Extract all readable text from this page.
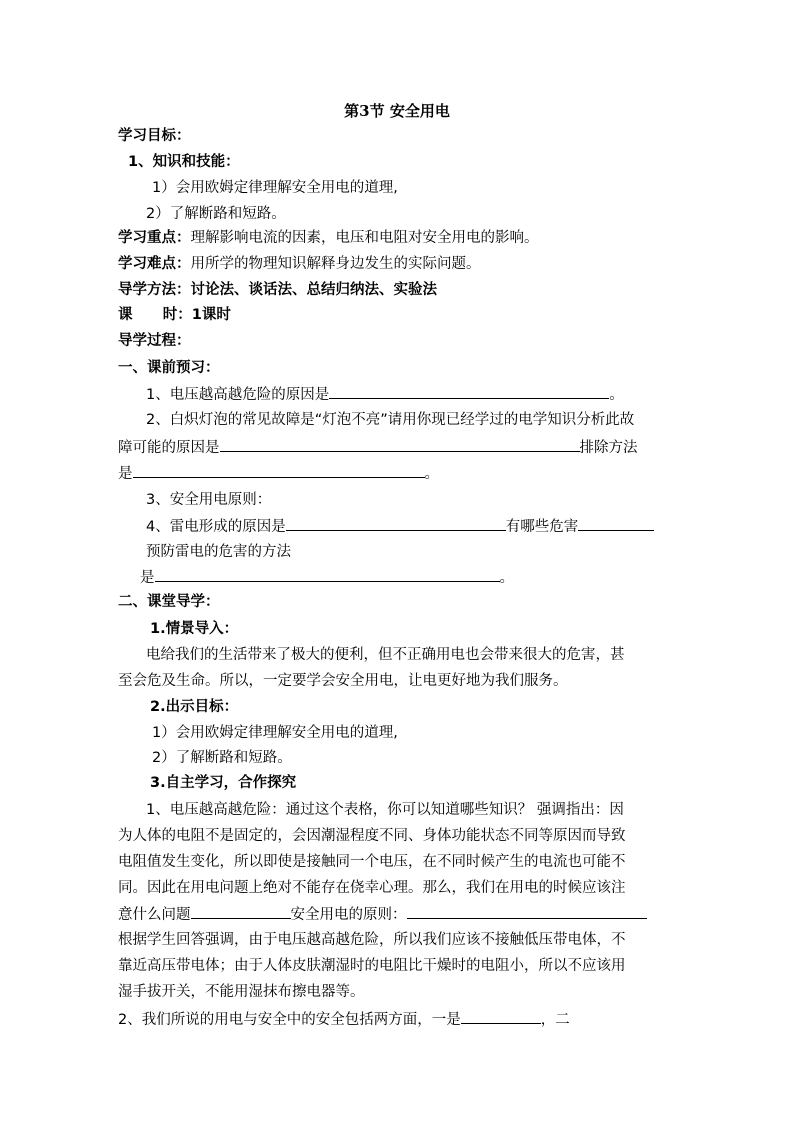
第3节 安全用电
学习目标：
1、知识和技能：
1）会用欧姆定律理解安全用电的道理,
2）了解断路和短路。
学习重点：理解影响电流的因素，电压和电阻对安全用电的影响。
学习难点：用所学的物理知识解释身边发生的实际问题。
导学方法：讨论法、谈话法、总结归纳法、实验法
课      时：1课时
导学过程：
一、课前预习：
1、电压越高越危险的原因是	。
2、白炽灯泡的常见故障是“灯泡不亮”请用你现已经学过的电学知识分析此故
障可能的原因是	排除方法
是	。
3、安全用电原则：
4、雷电形成的原因是	有哪些危害
预防雷电的危害的方法
是	。
二、课堂导学：
1.情景导入：
电给我们的生活带来了极大的便利，但不正确用电也会带来很大的危害，甚
至会危及生命。所以，一定要学会安全用电，让电更好地为我们服务。
2.出示目标：
1）会用欧姆定律理解安全用电的道理,
2）了解断路和短路。
3.自主学习，合作探究
1、电压越高越危险：通过这个表格，你可以知道哪些知识？ 强调指出：因
为人体的电阻不是固定的，会因潮湿程度不同、身体功能状态不同等原因而导致
电阻值发生变化，所以即使是接触同一个电压，在不同时候产生的电流也可能不
同。因此在用电问题上绝对不能存在侥幸心理。那么，我们在用电的时候应该注
意什么问题	安全用电的原则：
根据学生回答强调，由于电压越高越危险，所以我们应该不接触低压带电体，不
靠近高压带电体；由于人体皮肤潮湿时的电阻比干燥时的电阻小，所以不应该用
湿手拔开关，不能用湿抹布擦电器等。
2、我们所说的用电与安全中的安全包括两方面，一是	，二
